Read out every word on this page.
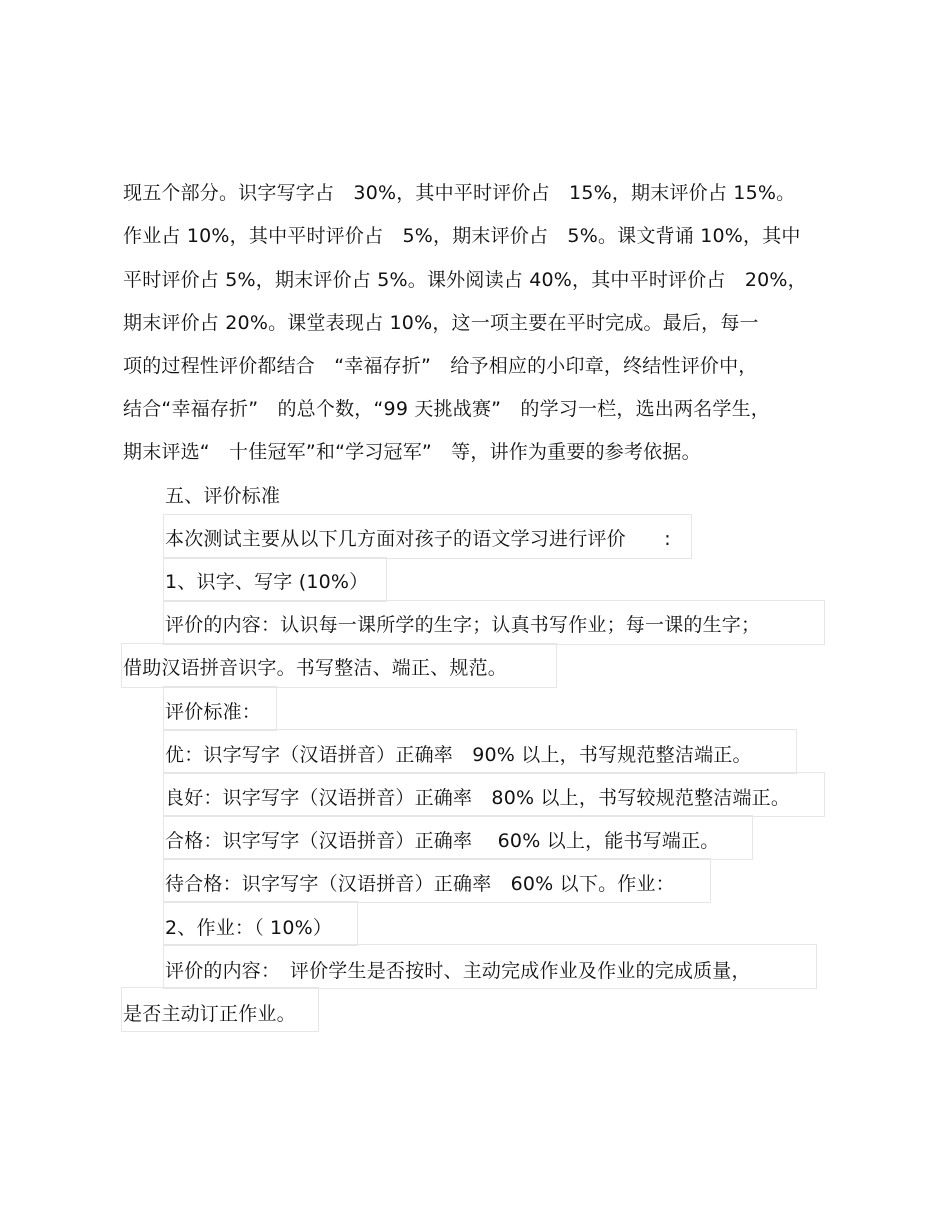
现五个部分。识字写字占　30%，其中平时评价占　15%，期末评价占 15%。
作业占 10%，其中平时评价占　5%，期末评价占　5%。课文背诵 10%，其中
平时评价占 5%，期末评价占 5%。课外阅读占 40%，其中平时评价占　20%，
期末评价占 20%。课堂表现占 10%，这一项主要在平时完成。最后，每一
项的过程性评价都结合　“幸福存折”　给予相应的小印章，终结性评价中，
结合“幸福存折”　的总个数，“99 天挑战赛”　的学习一栏，选出两名学生，
期末评选“　十佳冠军”和“学习冠军”　等，讲作为重要的参考依据。
五、评价标准
本次测试主要从以下几方面对孩子的语文学习进行评价　　:
1、识字、写字 (10%）
评价的内容：认识每一课所学的生字；认真书写作业；每一课的生字；
借助汉语拼音识字。书写整洁、端正、规范。
评价标准：
优：识字写字（汉语拼音）正确率　90% 以上，书写规范整洁端正。
良好：识字写字（汉语拼音）正确率　80% 以上，书写较规范整洁端正。
合格：识字写字（汉语拼音）正确率　 60% 以上，能书写端正。
待合格：识字写字（汉语拼音）正确率　60% 以下。作业：
2、作业：（ 10%）
评价的内容：　评价学生是否按时、主动完成作业及作业的完成质量，
是否主动订正作业。
